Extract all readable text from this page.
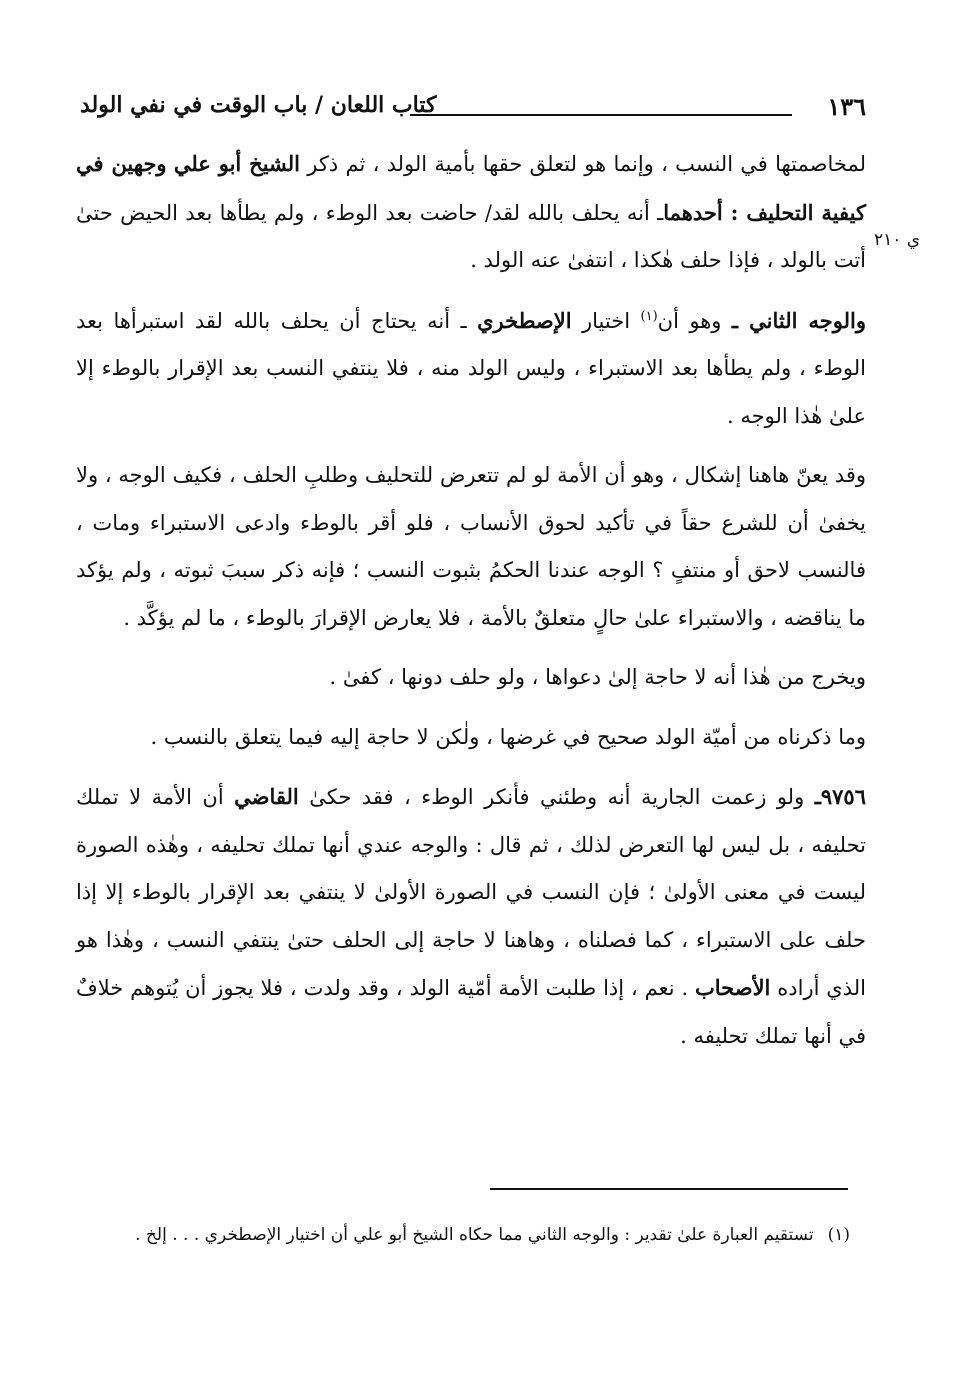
١٣٦
كتاب اللعان / باب الوقت في نفي الولد
ي ٢١٠

لمخاصمتها في النسب ، وإنما هو لتعلق حقها بأمية الولد ، ثم ذكر الشيخ أبو علي وجهين في كيفية التحليف : أحدهماـ أنه يحلف بالله لقد/ حاضت بعد الوطء ، ولم يطأها بعد الحيض حتىٰ أتت بالولد ، فإذا حلف هٰكذا ، انتفىٰ عنه الولد .

والوجه الثاني ـ وهو أن$^{(١)}$ اختيار الإصطخري ـ أنه يحتاج أن يحلف بالله لقد استبرأها بعد الوطء ، ولم يطأها بعد الاستبراء ، وليس الولد منه ، فلا ينتفي النسب بعد الإقرار بالوطء إلا علىٰ هٰذا الوجه .

وقد يعنّ هاهنا إشكال ، وهو أن الأمة لو لم تتعرض للتحليف وطلبِ الحلف ، فكيف الوجه ، ولا يخفىٰ أن للشرع حقاً في تأكيد لحوق الأنساب ، فلو أقر بالوطء وادعى الاستبراء ومات ، فالنسب لاحق أو منتفٍ ؟ الوجه عندنا الحكمُ بثبوت النسب ؛ فإنه ذكر سببَ ثبوته ، ولم يؤكد ما يناقضه ، والاستبراء علىٰ حالٍ متعلقٌ بالأمة ، فلا يعارض الإقرارَ بالوطء ، ما لم يؤكَّد .

ويخرج من هٰذا أنه لا حاجة إلىٰ دعواها ، ولو حلف دونها ، كفىٰ .

وما ذكرناه من أميّة الولد صحيح في غرضها ، ولٰكن لا حاجة إليه فيما يتعلق بالنسب .

٩٧٥٦ـ ولو زعمت الجارية أنه وطئني فأنكر الوطء ، فقد حكىٰ القاضي أن الأمة لا تملك تحليفه ، بل ليس لها التعرض لذلك ، ثم قال : والوجه عندي أنها تملك تحليفه ، وهٰذه الصورة ليست في معنى الأولىٰ ؛ فإن النسب في الصورة الأولىٰ لا ينتفي بعد الإقرار بالوطء إلا إذا حلف على الاستبراء ، كما فصلناه ، وهاهنا لا حاجة إلى الحلف حتىٰ ينتفي النسب ، وهٰذا هو الذي أراده الأصحاب . نعم ، إذا طلبت الأمة أمّية الولد ، وقد ولدت ، فلا يجوز أن يُتوهم خلافٌ في أنها تملك تحليفه .

(١)تستقيم العبارة علىٰ تقدير : والوجه الثاني مما حكاه الشيخ أبو علي أن اختيار الإصطخري . . . إلخ .
